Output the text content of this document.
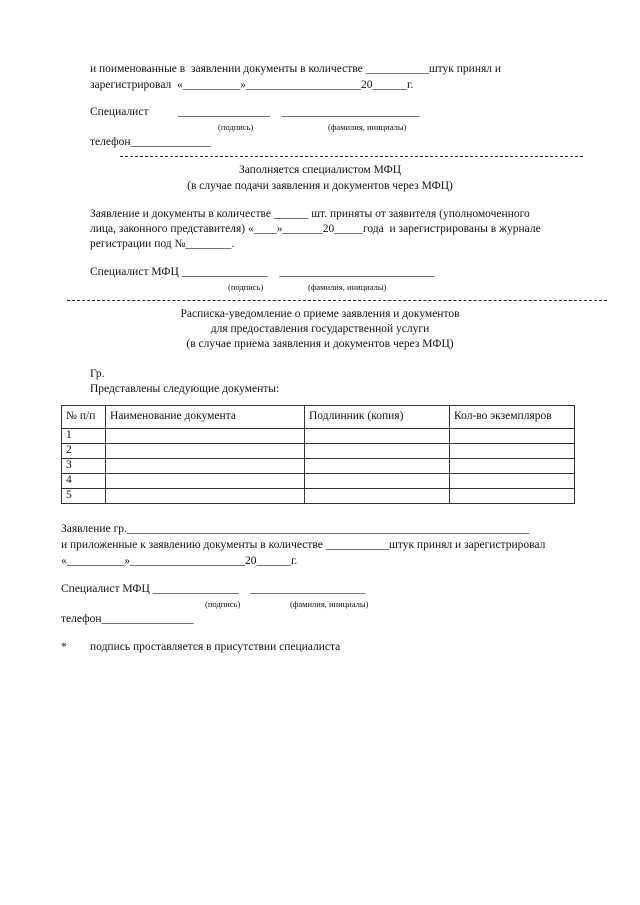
и поименованные в  заявлении документы в количестве ___________штук принял и
зарегистрировал  «__________»____________________20______г.
Специалист	________________    ________________________
(подпись)	(фамилия, инициалы)
телефон______________
Заполняется специалистом МФЦ
(в случае подачи заявления и документов через МФЦ)
Заявление и документы в количестве ______ шт. приняты от заявителя (уполномоченного
лица, законного представителя) «____»_______20_____года  и зарегистрированы в журнале
регистрации под №________.
Специалист МФЦ _______________    ___________________________
(подпись)	(фамилия, инициалы)
Расписка-уведомление о приеме заявления и документов
для предоставления государственной услуги
(в случае приема заявления и документов через МФЦ)
Гр.
Представлены следующие документы:
№ п/п	Наименование документа	Подлинник (копия)	Кол-во экземпляров
1			
2			
3			
4			
5			
Заявление гр.______________________________________________________________________
и приложенные к заявлению документы в количестве ___________штук принял и зарегистрировал
«__________»____________________20______г.
Специалист МФЦ _______________    ____________________
(подпись)	(фамилия, инициалы)
телефон________________
* подпись проставляется в присутствии специалиста
